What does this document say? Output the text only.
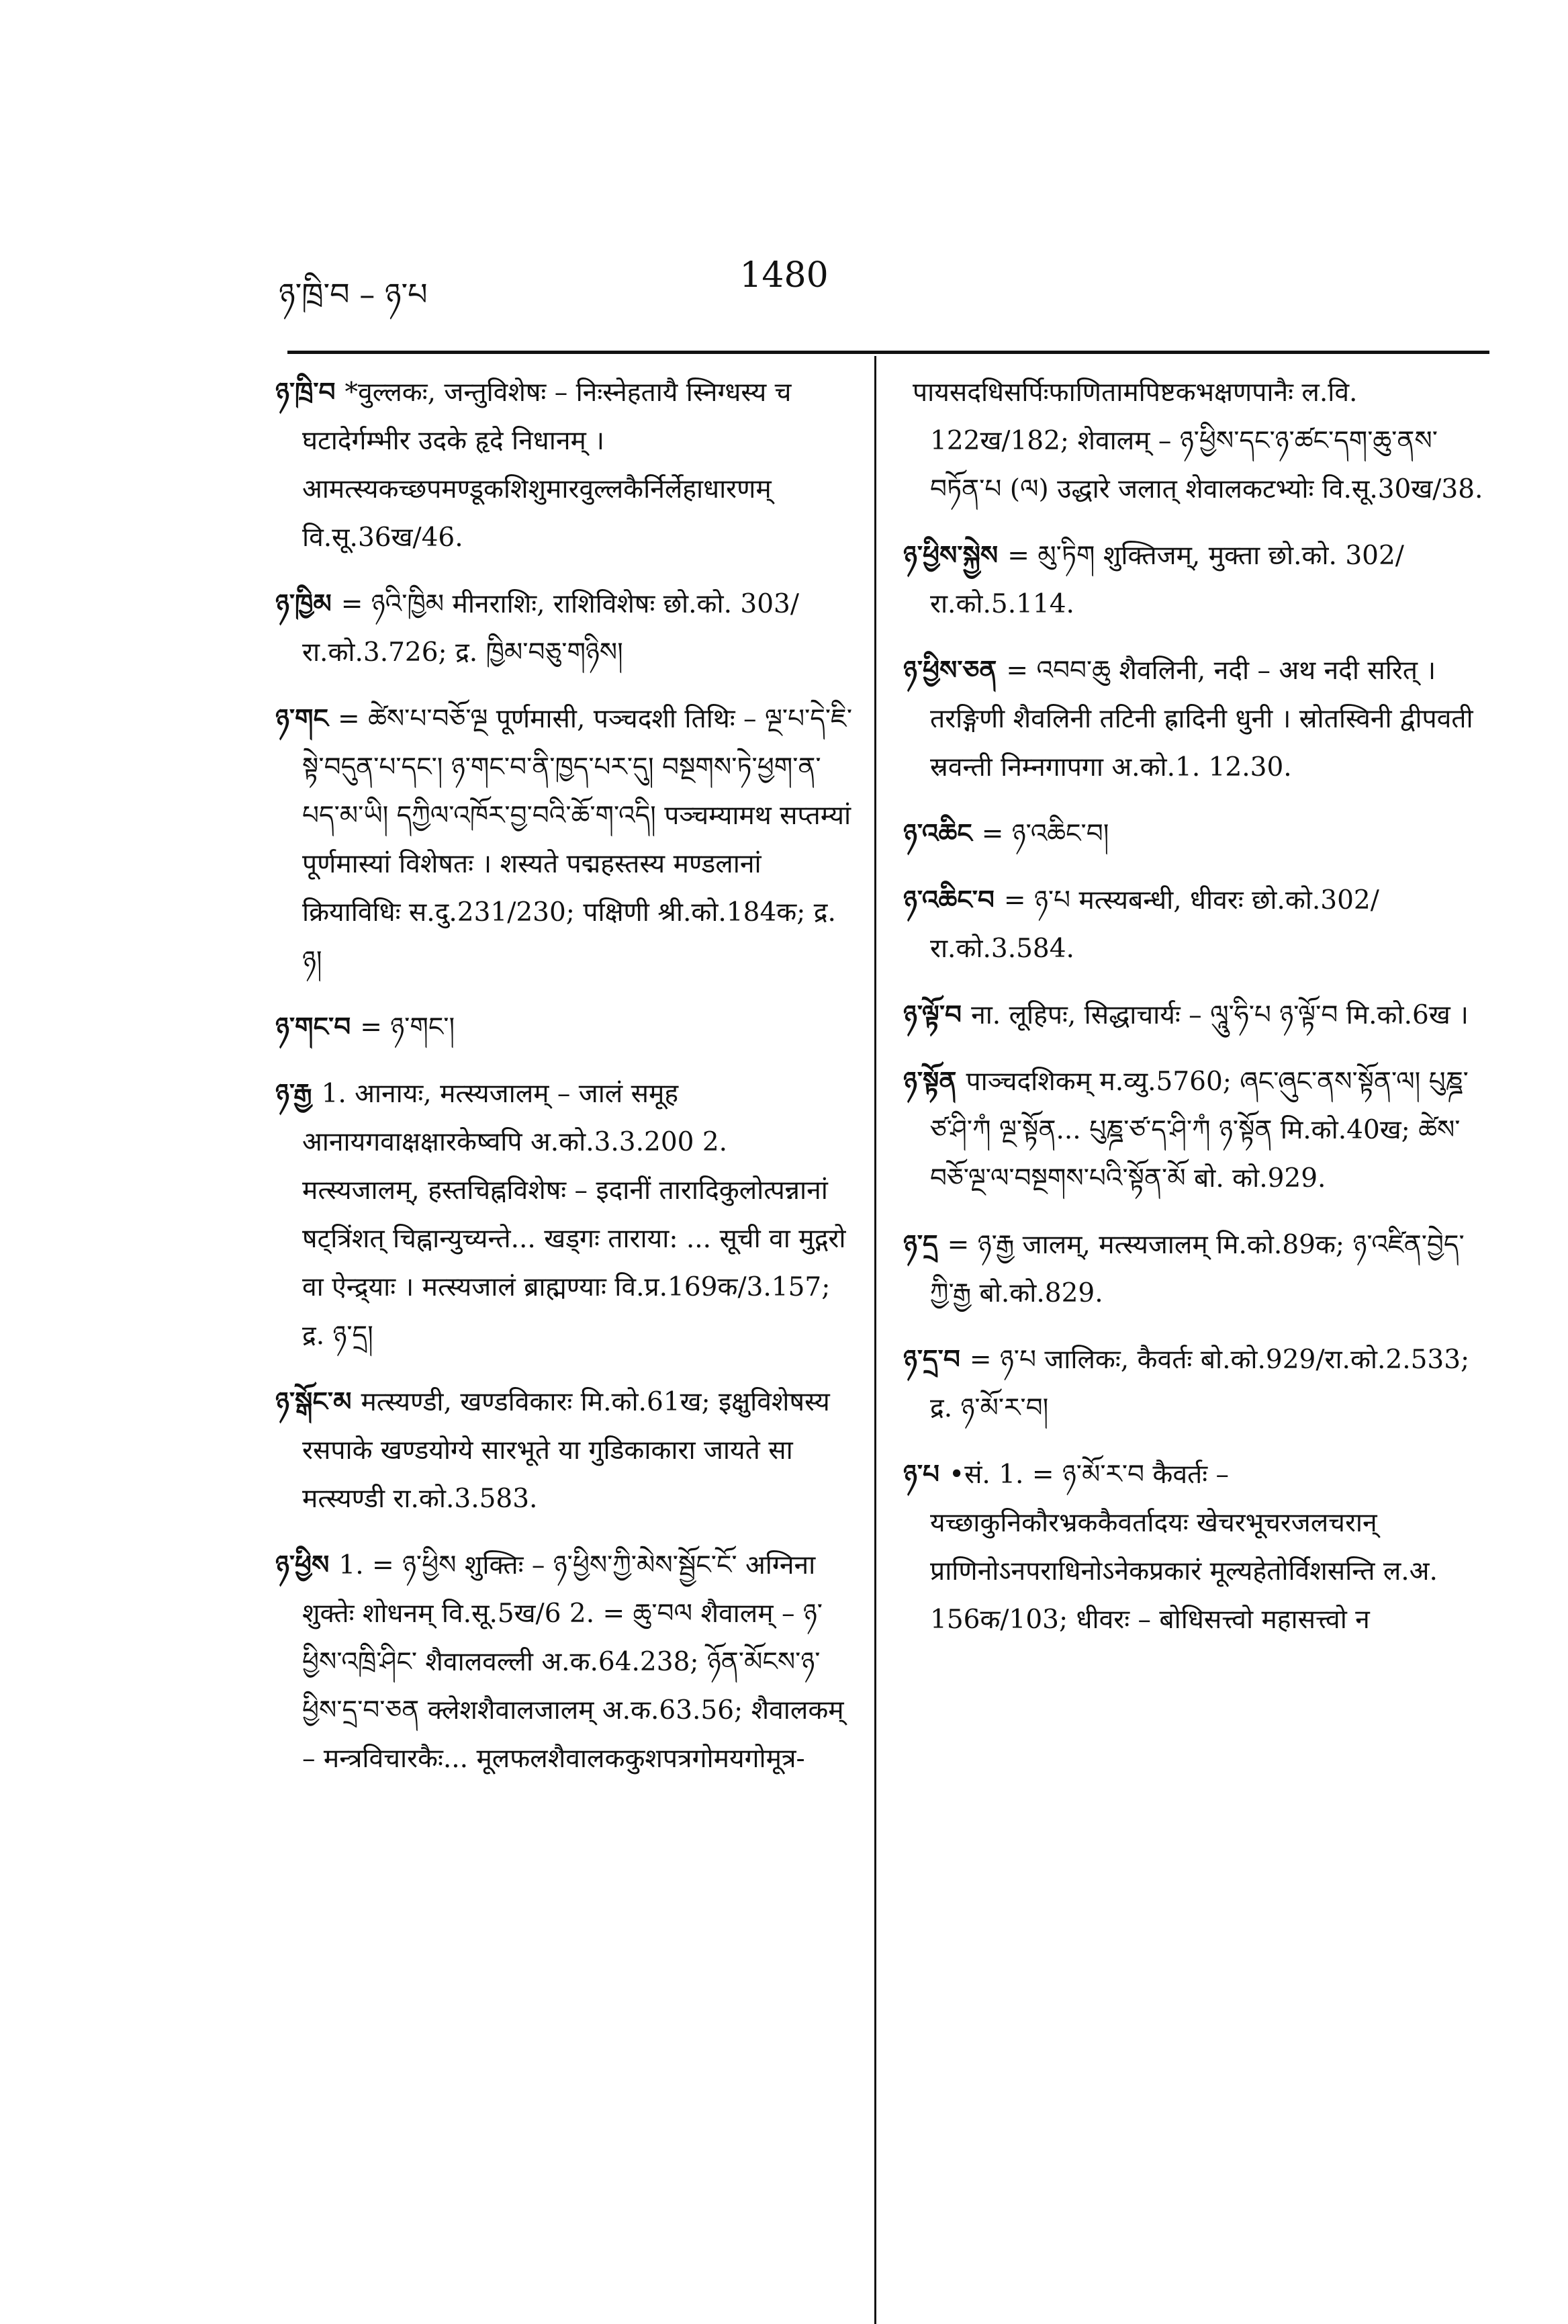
ཉ་ཁྲི་བ – ཉ་པ	1480

ཉ་ཁྲི་བ *वुल्लकः, जन्तुविशेषः – निःस्नेहतायै स्निग्धस्य च घटादेर्गम्भीर उदके हृदे निधानम् । आमत्स्यकच्छपमण्डूकशिशुमारवुल्लकैर्निर्लेहाधारणम् वि.सू.36ख/46.

ཉ་ཁྱིམ = ཉའི་ཁྱིམ मीनराशिः, राशिविशेषः छो.को. 303/रा.को.3.726; द्र. ཁྱིམ་བཅུ་གཉིས།

ཉ་གང = ཚེས་པ་བཅོ་ལྔ पूर्णमासी, पञ्चदशी तिथिः – ལྔ་པ་དེ་ཇི་སྟེ་བདུན་པ་དང་། ཉ་གང་བ་ནི་ཁྱད་པར་དུ། བསྔགས་ཏེ་ཕྱག་ན་པད་མ་ཡི། དཀྱིལ་འཁོར་བྱ་བའི་ཆོ་ག་འདི། पञ्चम्यामथ सप्तम्यां पूर्णमास्यां विशेषतः । शस्यते पद्महस्तस्य मण्डलानां क्रियाविधिः स.दु.231/230; पक्षिणी श्री.को.184क; द्र. ཉ།

ཉ་གང་བ = ཉ་གང་།

ཉ་རྒྱ 1. आनायः, मत्स्यजालम् – जालं समूह आनायगवाक्षक्षारकेष्वपि अ.को.3.3.200 2. मत्स्यजालम्, हस्तचिह्नविशेषः – इदानीं तारादिकुलोत्पन्नानां षट्त्रिंशत् चिह्नान्युच्यन्ते... खड्गः ताराया: ... सूची वा मुद्गरो वा ऐन्द्र्याः । मत्स्यजालं ब्राह्मण्याः वि.प्र.169क/3.157; द्र. ཉ་དྲ།

ཉ་སྒོང་མ मत्स्यण्डी, खण्डविकारः मि.को.61ख; इक्षुविशेषस्य रसपाके खण्डयोग्ये सारभूते या गुडिकाकारा जायते सा मत्स्यण्डी रा.को.3.583.

ཉ་ཕྱིས 1. = ཉ་ཕྱིས शुक्तिः – ཉ་ཕྱིས་ཀྱི་མེས་སྦྱོང་ངོ་ अग्निना शुक्तेः शोधनम् वि.सू.5ख/6 2. = ཆུ་བལ शैवालम् – ཉ་ཕྱིས་འཁྲི་ཤིང་ शैवालवल्ली अ.क.64.238; ཉོན་མོངས་ཉ་ཕྱིས་དྲ་བ་ཅན क्लेशशैवालजालम् अ.क.63.56; शैवालकम् – मन्त्रविचारकैः... मूलफलशैवालककुशपत्रगोमयगोमूत्र-

पायसदधिसर्पिःफाणितामपिष्टकभक्षणपानैः ल.वि. 122ख/182; शेवालम् – ཉ་ཕྱིས་དང་ཉ་ཚང་དག་ཆུ་ནས་བཏོན་པ (ལ) उद्धारे जलात् शेवालकटभ्योः वि.सू.30ख/38.

ཉ་ཕྱིས་སྐྱེས = མུ་ཏིག शुक्तिजम्, मुक्ता छो.को. 302/रा.को.5.114.

ཉ་ཕྱིས་ཅན = འབབ་ཆུ शैवलिनी, नदी – अथ नदी सरित् । तरङ्गिणी शैवलिनी तटिनी ह्रादिनी धुनी । स्रोतस्विनी द्वीपवती स्रवन्ती निम्नगापगा अ.को.1. 12.30.

ཉ་འཆིང = ཉ་འཆིང་བ།

ཉ་འཆིང་བ = ཉ་པ मत्स्यबन्धी, धीवरः छो.को.302/रा.को.3.584.

ཉ་ལྟོ་བ ना. लूहिपः, सिद्धाचार्यः – ལཱུ་ཧི་པ ཉ་ལྟོ་བ मि.को.6ख ।

ཉ་སྟོན पाञ्चदशिकम् म.व्यु.5760; ཞང་ཞུང་ནས་སྟོན་ལ། པུཎྜ་ཙ་ཤི་ཀཾ ལྔ་སྟོན... པུཎྜ་ཙ་ད་ཤི་ཀཾ ཉ་སྟོན मि.को.40ख; ཚེས་བཅོ་ལྔ་ལ་བསྔགས་པའི་སྟོན་མོ बो. को.929.

ཉ་དྲ = ཉ་རྒྱ जालम्, मत्स्यजालम् मि.को.89क; ཉ་འཛིན་བྱེད་ཀྱི་རྒྱ बो.को.829.

ཉ་དྲ་བ = ཉ་པ जालिकः, कैवर्तः बो.को.929/रा.को.2.533; द्र. ཉ་མོ་ར་བ།

ཉ་པ •सं. 1. = ཉ་མོ་ར་བ कैवर्तः – यच्छाकुनिकौरभ्रककैवर्तादयः खेचरभूचरजलचरान् प्राणिनोऽनपराधिनोऽनेकप्रकारं मूल्यहेतोर्विशसन्ति ल.अ. 156क/103; धीवरः – बोधिसत्त्वो महासत्त्वो न
